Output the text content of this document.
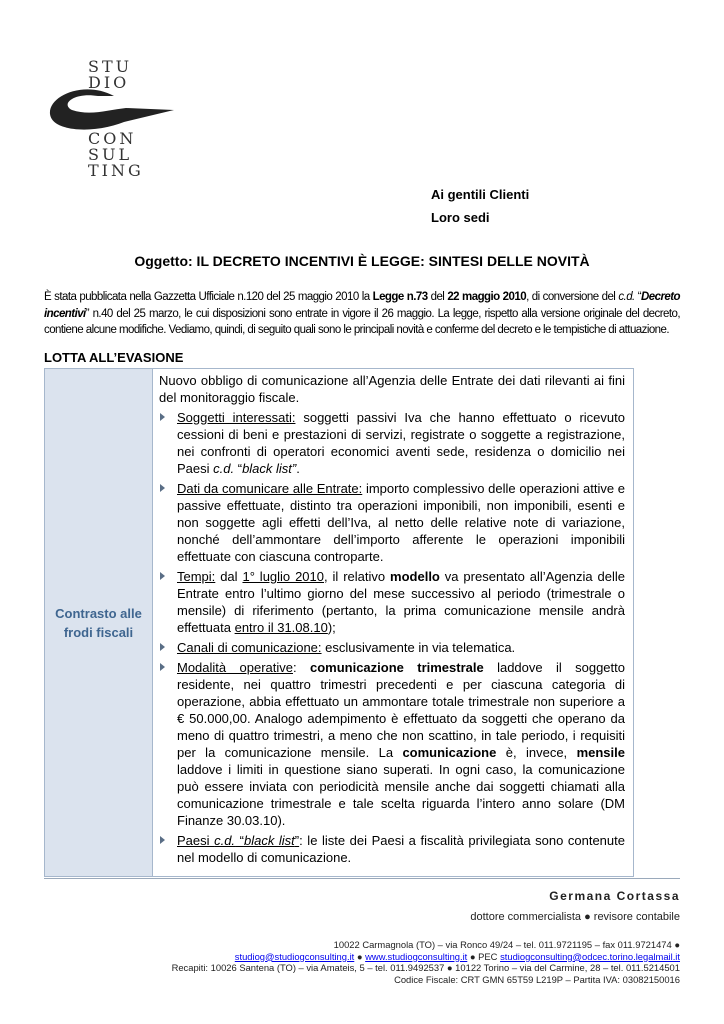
STU
DIO
CON
SUL
TING
Ai gentili Clienti
Loro sedi
Oggetto: IL DECRETO INCENTIVI È LEGGE: SINTESI DELLE NOVITÀ
È stata pubblicata nella Gazzetta Ufficiale n.120 del 25 maggio 2010 la Legge n.73 del 22 maggio 2010, di conversione del c.d. “Decreto incentivi” n.40 del 25 marzo, le cui disposizioni sono entrate in vigore il 26 maggio. La legge, rispetto alla versione originale del decreto, contiene alcune modifiche. Vediamo, quindi, di seguito quali sono le principali novità e conferme del decreto e le tempistiche di attuazione.
LOTTA ALL’EVASIONE
Contrasto alle frodi fiscali

Nuovo obbligo di comunicazione all’Agenzia delle Entrate dei dati rilevanti ai fini del monitoraggio fiscale.

Soggetti interessati: soggetti passivi Iva che hanno effettuato o ricevuto cessioni di beni e prestazioni di servizi, registrate o soggette a registrazione, nei confronti di operatori economici aventi sede, residenza o domicilio nei Paesi c.d. “black list”.
Dati da comunicare alle Entrate: importo complessivo delle operazioni attive e passive effettuate, distinto tra operazioni imponibili, non imponibili, esenti e non soggette agli effetti dell’Iva, al netto delle relative note di variazione, nonché dell’ammontare dell’importo afferente le operazioni imponibili effettuate con ciascuna controparte.
Tempi: dal 1° luglio 2010, il relativo modello va presentato all’Agenzia delle Entrate entro l’ultimo giorno del mese successivo al periodo (trimestrale o mensile) di riferimento (pertanto, la prima comunicazione mensile andrà effettuata entro il 31.08.10);
Canali di comunicazione: esclusivamente in via telematica.
Modalità operative: comunicazione trimestrale laddove il soggetto residente, nei quattro trimestri precedenti e per ciascuna categoria di operazione, abbia effettuato un ammontare totale trimestrale non superiore a € 50.000,00. Analogo adempimento è effettuato da soggetti che operano da meno di quattro trimestri, a meno che non scattino, in tale periodo, i requisiti per la comunicazione mensile. La comunicazione è, invece, mensile laddove i limiti in questione siano superati. In ogni caso, la comunicazione può essere inviata con periodicità mensile anche dai soggetti chiamati alla comunicazione trimestrale e tale scelta riguarda l’intero anno solare (DM Finanze 30.03.10).
Paesi c.d. “black list”: le liste dei Paesi a fiscalità privilegiata sono contenute nel modello di comunicazione.
Germana Cortassa
dottore commercialista ● revisore contabile
10022 Carmagnola (TO) – via Ronco 49/24 – tel. 011.9721195 – fax 011.9721474 ●
studiog@studiogconsulting.it ● www.studiogconsulting.it ● PEC studiogconsulting@odcec.torino.legalmail.it
Recapiti: 10026 Santena (TO) – via Amateis, 5 – tel. 011.9492537 ● 10122 Torino – via del Carmine, 28 – tel. 011.5214501
Codice Fiscale: CRT GMN 65T59 L219P – Partita IVA: 03082150016
